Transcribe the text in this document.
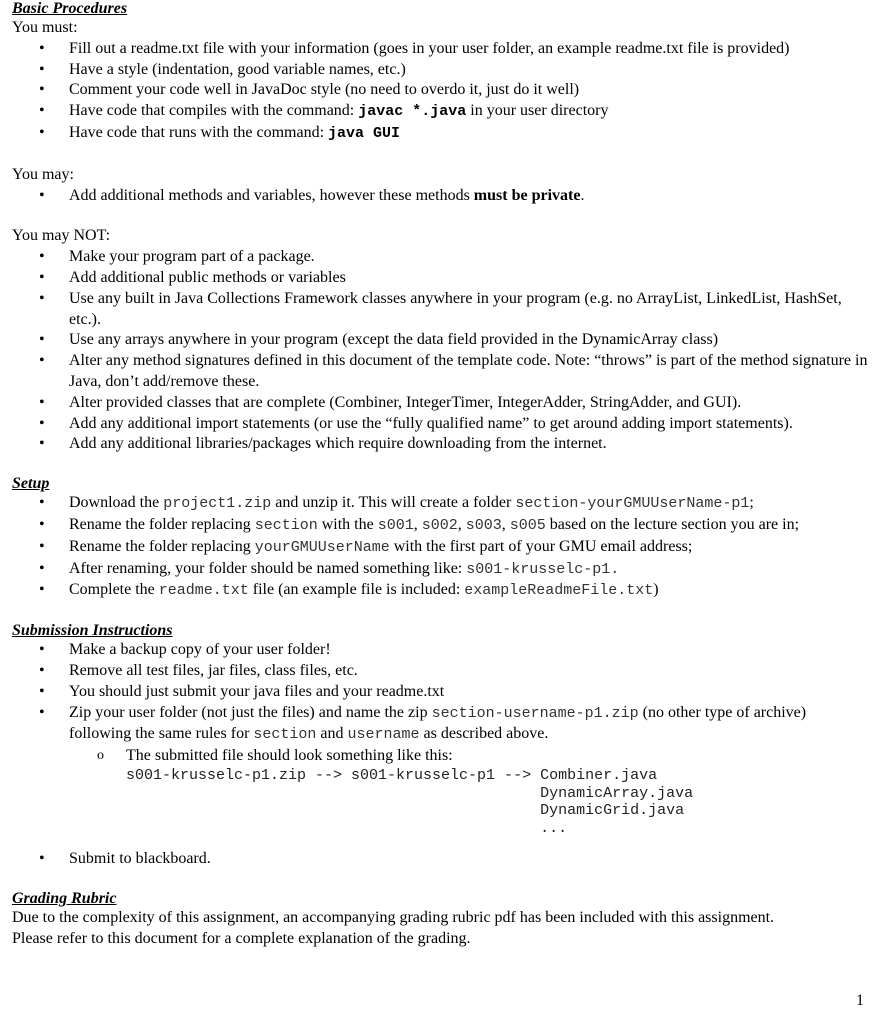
Basic Procedures
You must:
• Fill out a readme.txt file with your information (goes in your user folder, an example readme.txt file is provided)
• Have a style (indentation, good variable names, etc.)
• Comment your code well in JavaDoc style (no need to overdo it, just do it well)
• Have code that compiles with the command: javac *.java in your user directory
• Have code that runs with the command: java GUI
You may:
• Add additional methods and variables, however these methods must be private.
You may NOT:
• Make your program part of a package.
• Add additional public methods or variables
• Use any built in Java Collections Framework classes anywhere in your program (e.g. no ArrayList, LinkedList, HashSet, etc.).
• Use any arrays anywhere in your program (except the data field provided in the DynamicArray class)
• Alter any method signatures defined in this document of the template code. Note: “throws” is part of the method signature in Java, don’t add/remove these.
• Alter provided classes that are complete (Combiner, IntegerTimer, IntegerAdder, StringAdder, and GUI).
• Add any additional import statements (or use the “fully qualified name” to get around adding import statements).
• Add any additional libraries/packages which require downloading from the internet.
Setup
• Download the project1.zip and unzip it. This will create a folder section-yourGMUUserName-p1;
• Rename the folder replacing section with the s001, s002, s003, s005 based on the lecture section you are in;
• Rename the folder replacing yourGMUUserName with the first part of your GMU email address;
• After renaming, your folder should be named something like: s001-krusselc-p1.
• Complete the readme.txt file (an example file is included: exampleReadmeFile.txt)
Submission Instructions
• Make a backup copy of your user folder!
• Remove all test files, jar files, class files, etc.
• You should just submit your java files and your readme.txt
• Zip your user folder (not just the files) and name the zip section-username-p1.zip (no other type of archive)
following the same rules for section and username as described above.
o The submitted file should look something like this:
s001-krusselc-p1.zip --> s001-krusselc-p1 --> Combiner.java
DynamicArray.java
DynamicGrid.java
...
• Submit to blackboard.
Grading Rubric
Due to the complexity of this assignment, an accompanying grading rubric pdf has been included with this assignment.
Please refer to this document for a complete explanation of the grading.
1
